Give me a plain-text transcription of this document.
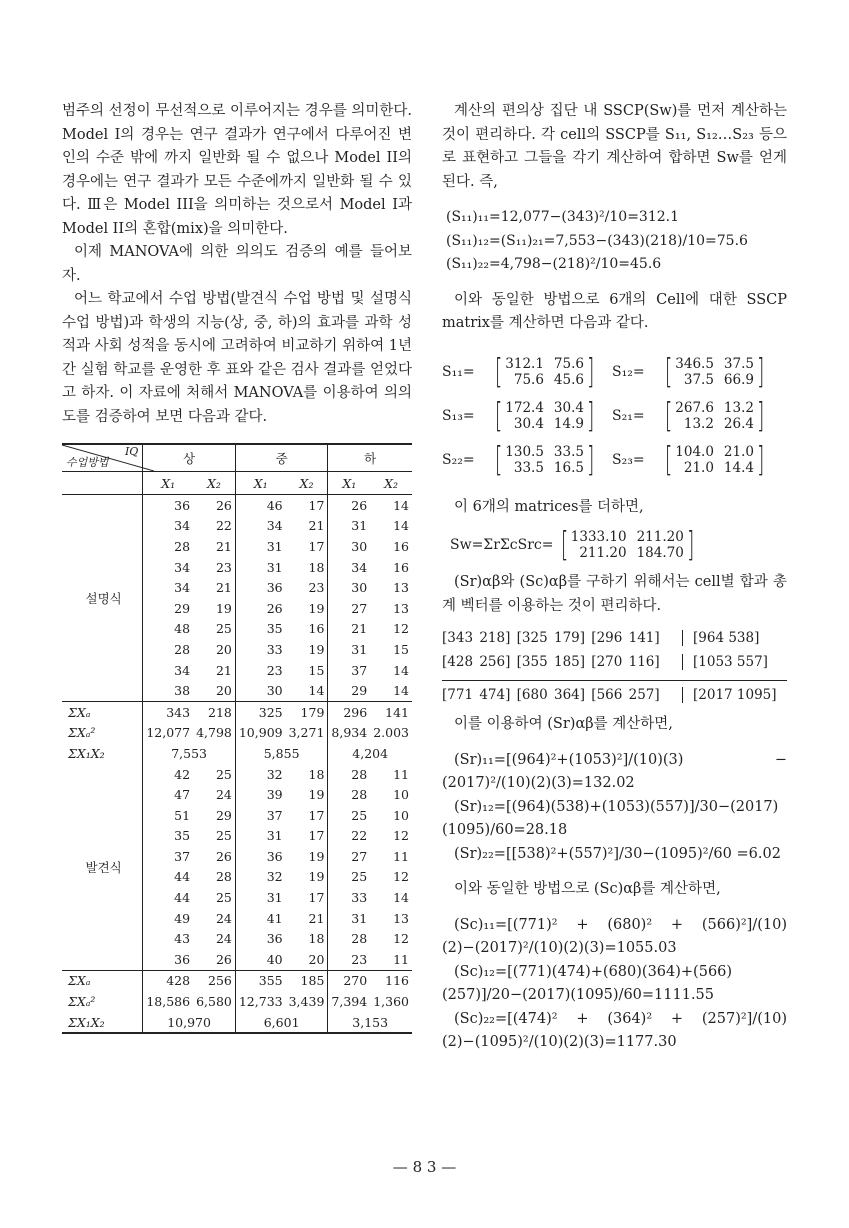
범주의 선정이 무선적으로 이루어지는 경우를 의미한다. Model I의 경우는 연구 결과가 연구에서 다루어진 변인의 수준 밖에 까지 일반화 될 수 없으나 Model II의 경우에는 연구 결과가 모든 수준에까지 일반화 될 수 있다. Ⅲ은 Model III을 의미하는 것으로서 Model I과 Model II의 혼합(mix)을 의미한다.

이제 MANOVA에 의한 의의도 검증의 예를 들어보자.

어느 학교에서 수업 방법(발견식 수업 방법 및 설명식 수업 방법)과 학생의 지능(상, 중, 하)의 효과를 과학 성적과 사회 성적을 동시에 고려하여 비교하기 위하여 1년간 실험 학교를 운영한 후 표와 같은 검사 결과를 얻었다고 하자. 이 자료에 처해서 MANOVA를 이용하여 의의도를 검증하여 보면 다음과 같다.

IQ
수업방법	상		중		하	
	X₁	X₂	X₁	X₂	X₁	X₂
설명식	36	26	46	17	26	14
	34	22	34	21	31	14
	28	21	31	17	30	16
	34	23	31	18	34	16
	34	21	36	23	30	13
	29	19	26	19	27	13
	48	25	35	16	21	12
	28	20	33	19	31	15
	34	21	23	15	37	14
	38	20	30	14	29	14
ΣXₐ	343	218	325	179	296	141
ΣXₐ²	12,077	4,798	10,909	3,271	8,934	2.003
ΣX₁X₂	7,553		5,855		4,204	
발견식	42	25	32	18	28	11
	47	24	39	19	28	10
	51	29	37	17	25	10
	35	25	31	17	22	12
	37	26	36	19	27	11
	44	28	32	19	25	12
	44	25	31	17	33	14
	49	24	41	21	31	13
	43	24	36	18	28	12
	36	26	40	20	23	11
ΣXₐ	428	256	355	185	270	116
ΣXₐ²	18,586	6,580	12,733	3,439	7,394	1,360
ΣX₁X₂	10,970		6,601		3,153	

계산의 편의상 집단 내 SSCP(Sw)를 먼저 계산하는 것이 편리하다. 각 cell의 SSCP를 S₁₁, S₁₂…S₂₃ 등으로 표현하고 그들을 각기 계산하여 합하면 Sw를 얻게 된다. 즉,

(S₁₁)₁₁=12,077−(343)²/10=312.1
(S₁₁)₁₂=(S₁₁)₂₁=7,553−(343)(218)/10=75.6
(S₁₁)₂₂=4,798−(218)²/10=45.6

이와 동일한 방법으로 6개의 Cell에 대한 SSCP matrix를 계산하면 다음과 같다.

S₁₁= [ 312.1 75.6
75.6 45.6 ] S₁₂= [ 346.5 37.5
37.5 66.9 ]
S₁₃= [ 172.4 30.4
30.4 14.9 ] S₂₁= [ 267.6 13.2
13.2 26.4 ]
S₂₂= [ 130.5 33.5
33.5 16.5 ] S₂₃= [ 104.0 21.0
21.0 14.4 ]

이 6개의 matrices를 더하면,

Sw=ΣrΣcSrc= [ 1333.10 211.20
211.20 184.70 ]

(Sr)αβ와 (Sc)αβ를 구하기 위해서는 cell별 합과 총계 벡터를 이용하는 것이 편리하다.

[343 218] [325 179] [296 141]	[964 538]
[428 256] [355 185] [270 116]	[1053 557]
[771 474] [680 364] [566 257]	[2017 1095]

이를 이용하여 (Sr)αβ를 계산하면,

(Sr)₁₁=[(964)²+(1053)²]/(10)(3) − (2017)²/(10)(2)(3)=132.02

(Sr)₁₂=[(964)(538)+(1053)(557)]/30−(2017)(1095)/60=28.18

(Sr)₂₂=[[538)²+(557)²]/30−(1095)²/60 =6.02

이와 동일한 방법으로 (Sc)αβ를 계산하면,

(Sc)₁₁=[(771)² + (680)² + (566)²]/(10)(2)−(2017)²/(10)(2)(3)=1055.03

(Sc)₁₂=[(771)(474)+(680)(364)+(566)(257)]/20−(2017)(1095)/60=1111.55

(Sc)₂₂=[(474)² + (364)² + (257)²]/(10)(2)−(1095)²/(10)(2)(3)=1177.30

— 8 3 —
